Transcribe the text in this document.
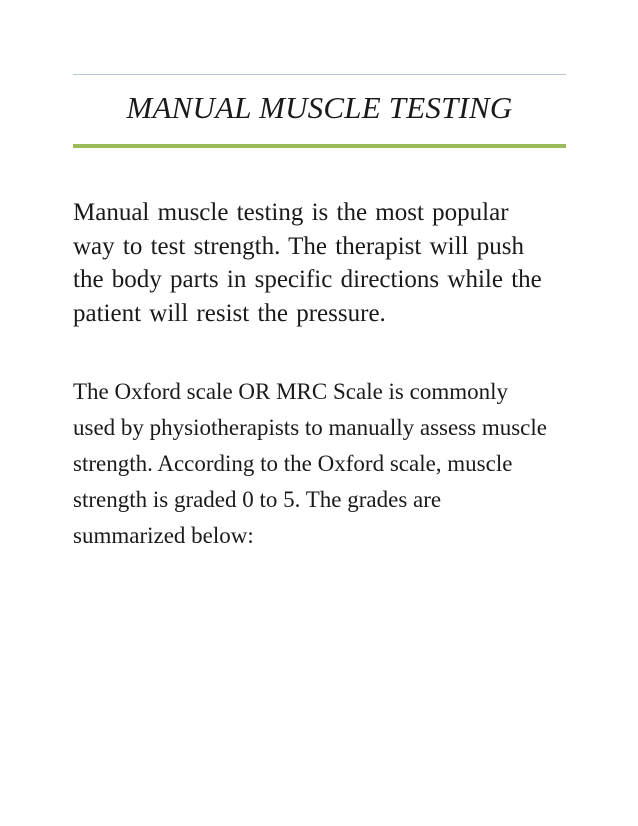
MANUAL MUSCLE TESTING

Manual muscle testing is the most popular way to test strength. The therapist will push the body parts in specific directions while the patient will resist the pressure.

The Oxford scale OR MRC Scale is commonly used by physiotherapists to manually assess muscle strength. According to the Oxford scale, muscle strength is graded 0 to 5. The grades are summarized below:
